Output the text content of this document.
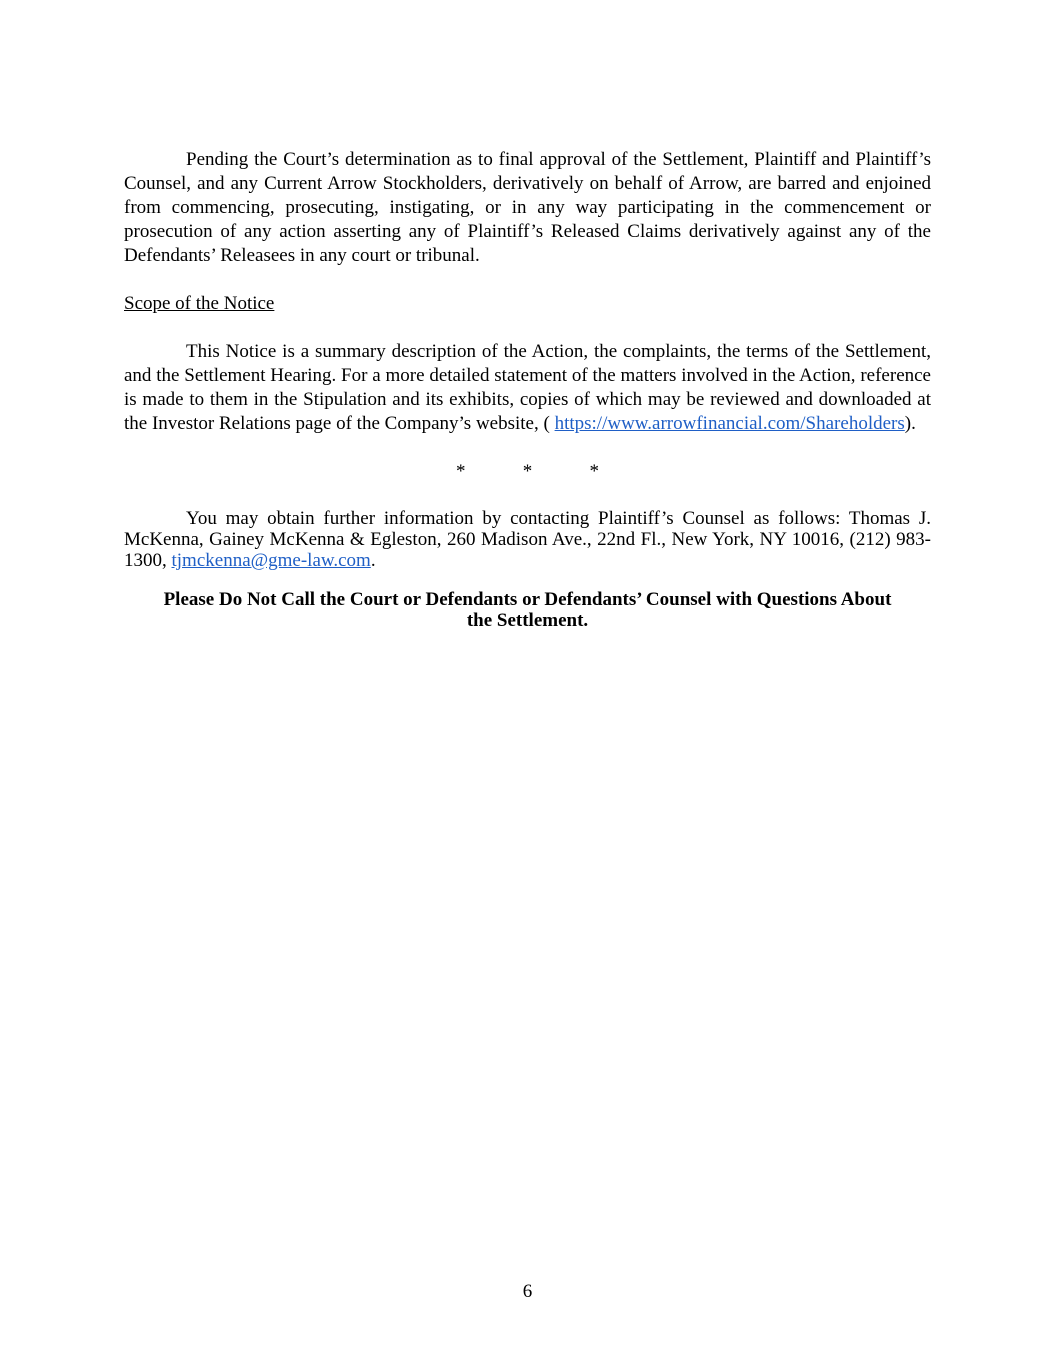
Pending the Court’s determination as to final approval of the Settlement, Plaintiff and Plaintiff’s Counsel, and any Current Arrow Stockholders, derivatively on behalf of Arrow, are barred and enjoined from commencing, prosecuting, instigating, or in any way participating in the commencement or prosecution of any action asserting any of Plaintiff’s Released Claims derivatively against any of the Defendants’ Releasees in any court or tribunal.

Scope of the Notice

This Notice is a summary description of the Action, the complaints, the terms of the Settlement, and the Settlement Hearing. For a more detailed statement of the matters involved in the Action, reference is made to them in the Stipulation and its exhibits, copies of which may be reviewed and downloaded at the Investor Relations page of the Company’s website, ( https://www.arrowfinancial.com/Shareholders).

*	*	*

You may obtain further information by contacting Plaintiff’s Counsel as follows: Thomas J. McKenna, Gainey McKenna & Egleston, 260 Madison Ave., 22nd Fl., New York, NY 10016, (212) 983-1300, tjmckenna@gme-law.com.

Please Do Not Call the Court or Defendants or Defendants’ Counsel with Questions About
the Settlement.

6
